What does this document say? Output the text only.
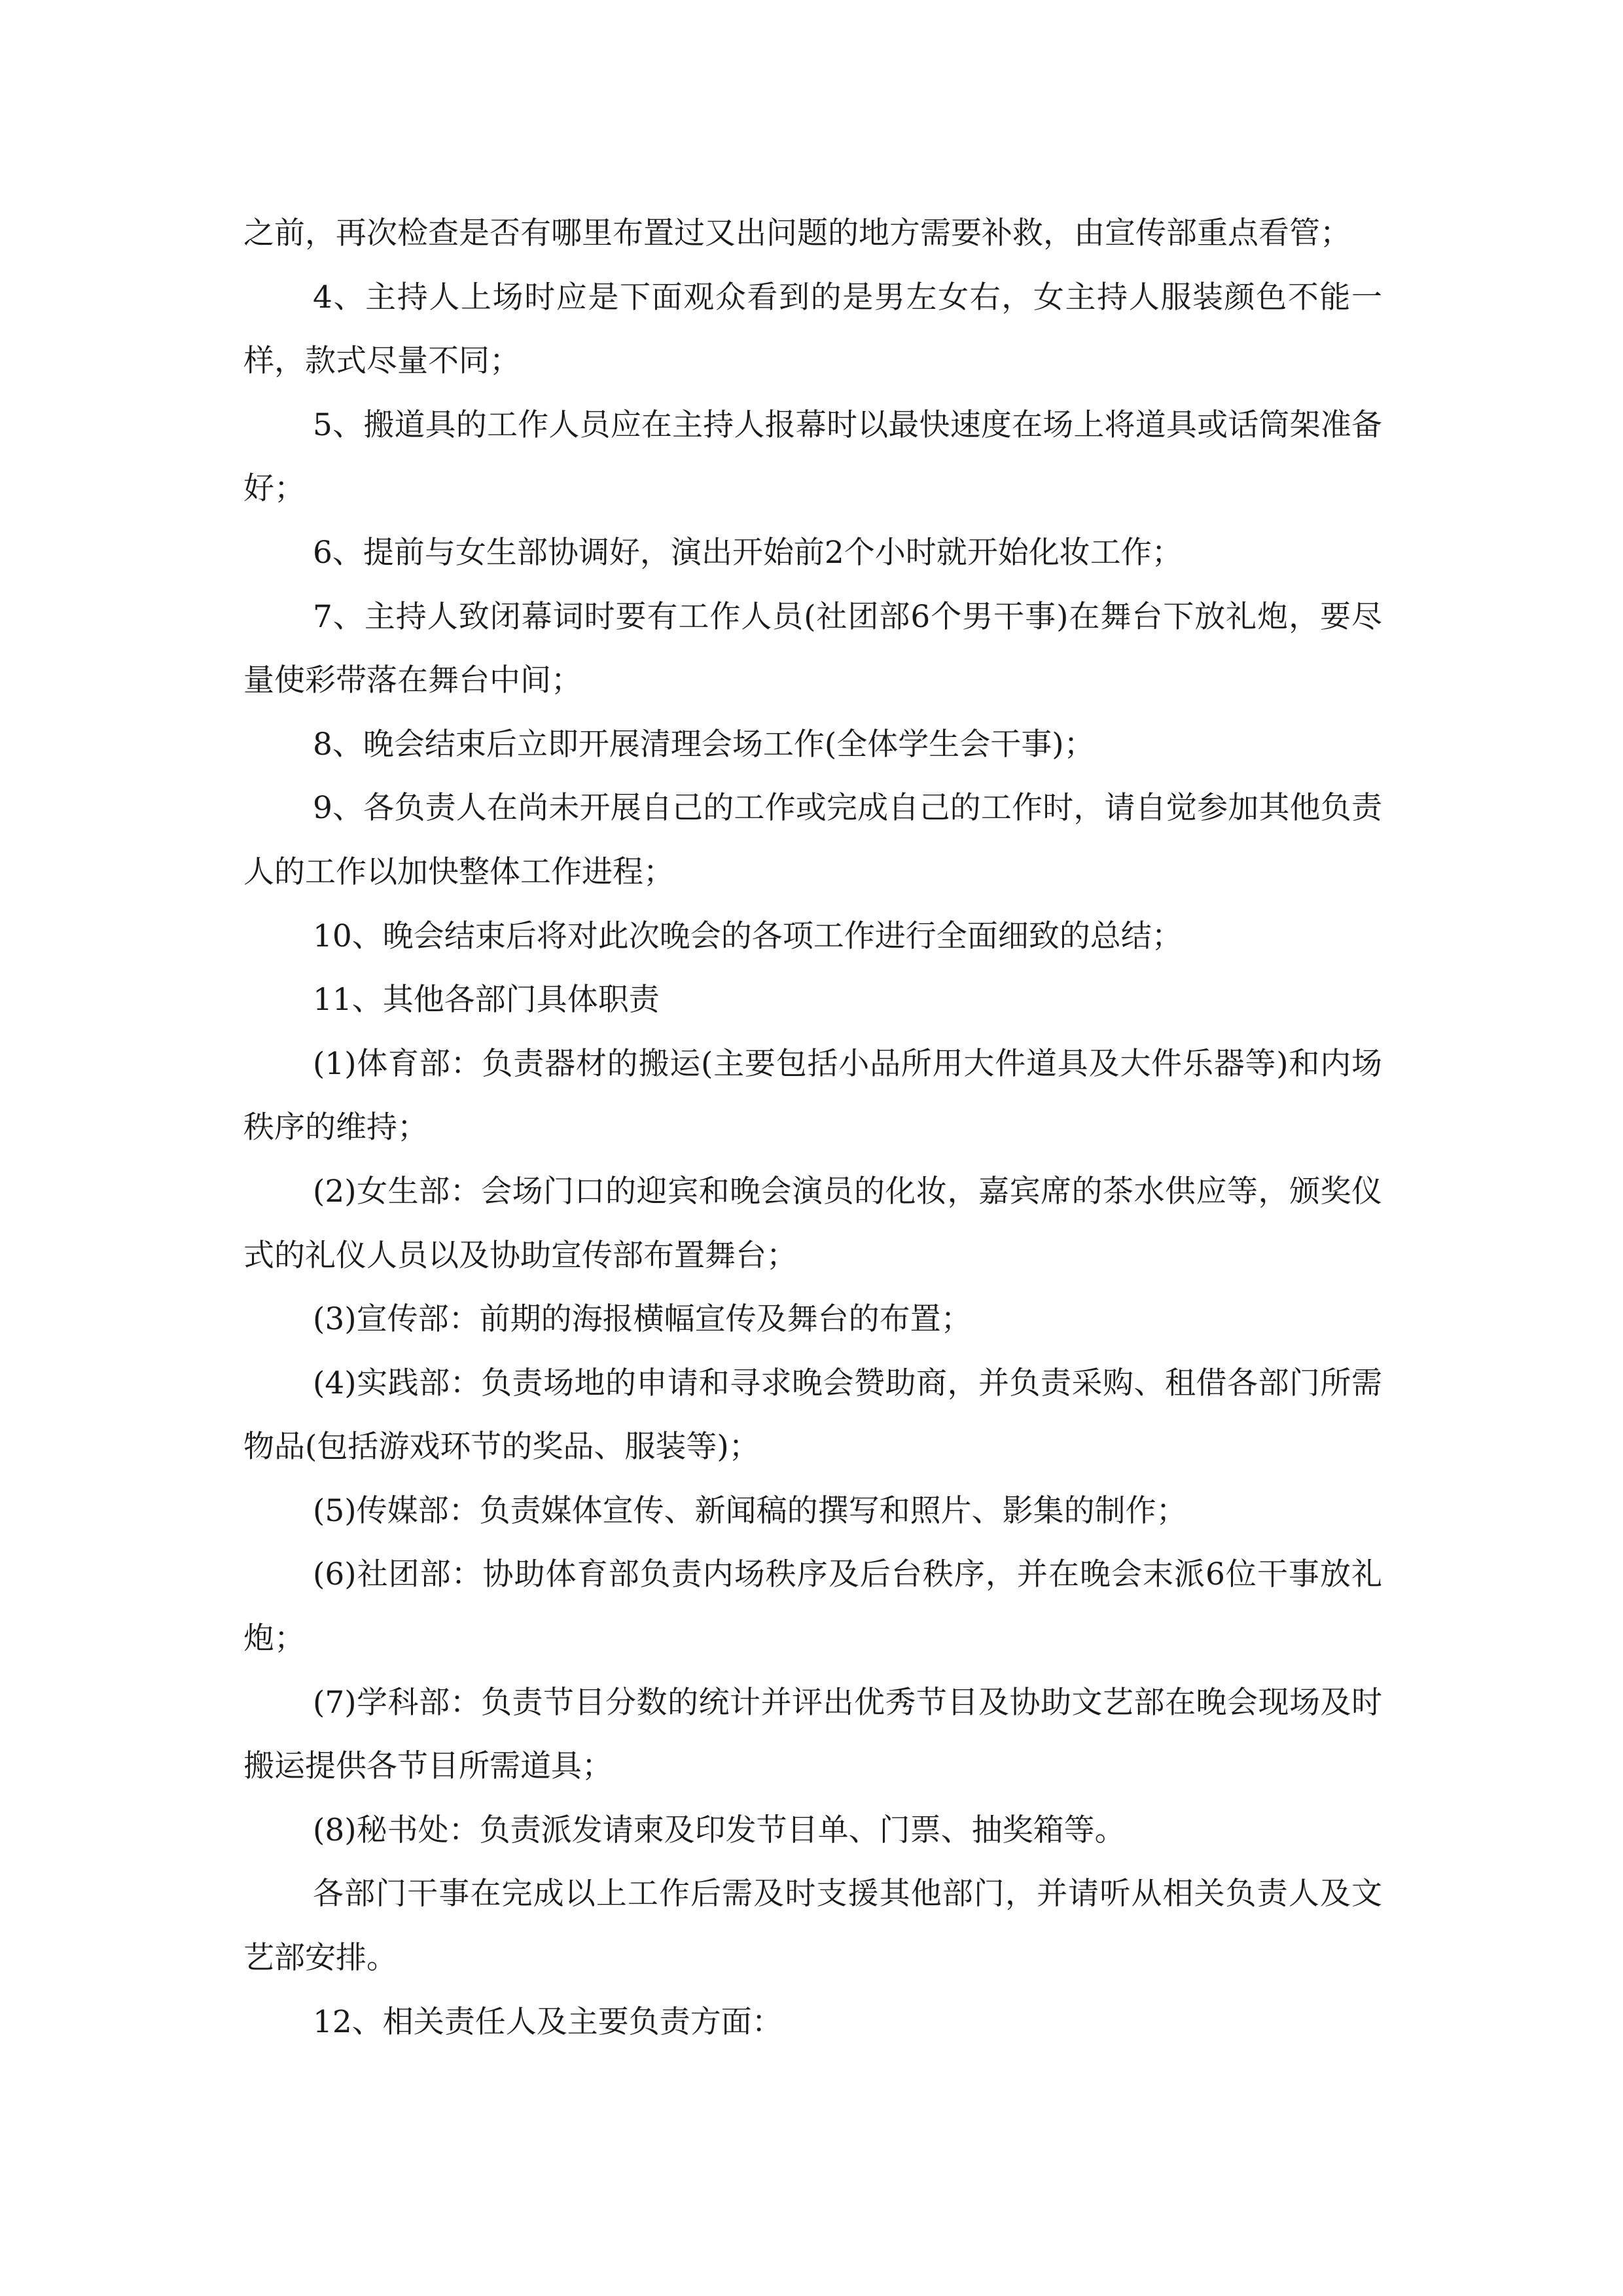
之前，再次检查是否有哪里布置过又出问题的地方需要补救，由宣传部重点看管；

4、主持人上场时应是下面观众看到的是男左女右，女主持人服装颜色不能一样，款式尽量不同；

5、搬道具的工作人员应在主持人报幕时以最快速度在场上将道具或话筒架准备好；

6、提前与女生部协调好，演出开始前2个小时就开始化妆工作；

7、主持人致闭幕词时要有工作人员(社团部6个男干事)在舞台下放礼炮，要尽量使彩带落在舞台中间；

8、晚会结束后立即开展清理会场工作(全体学生会干事)；

9、各负责人在尚未开展自己的工作或完成自己的工作时，请自觉参加其他负责人的工作以加快整体工作进程；

10、晚会结束后将对此次晚会的各项工作进行全面细致的总结；

11、其他各部门具体职责

(1)体育部：负责器材的搬运(主要包括小品所用大件道具及大件乐器等)和内场秩序的维持；

(2)女生部：会场门口的迎宾和晚会演员的化妆，嘉宾席的茶水供应等，颁奖仪式的礼仪人员以及协助宣传部布置舞台；

(3)宣传部：前期的海报横幅宣传及舞台的布置；

(4)实践部：负责场地的申请和寻求晚会赞助商，并负责采购、租借各部门所需物品(包括游戏环节的奖品、服装等)；

(5)传媒部：负责媒体宣传、新闻稿的撰写和照片、影集的制作；

(6)社团部：协助体育部负责内场秩序及后台秩序，并在晚会末派6位干事放礼炮；

(7)学科部：负责节目分数的统计并评出优秀节目及协助文艺部在晚会现场及时搬运提供各节目所需道具；

(8)秘书处：负责派发请柬及印发节目单、门票、抽奖箱等。

各部门干事在完成以上工作后需及时支援其他部门，并请听从相关负责人及文艺部安排。

12、相关责任人及主要负责方面：
